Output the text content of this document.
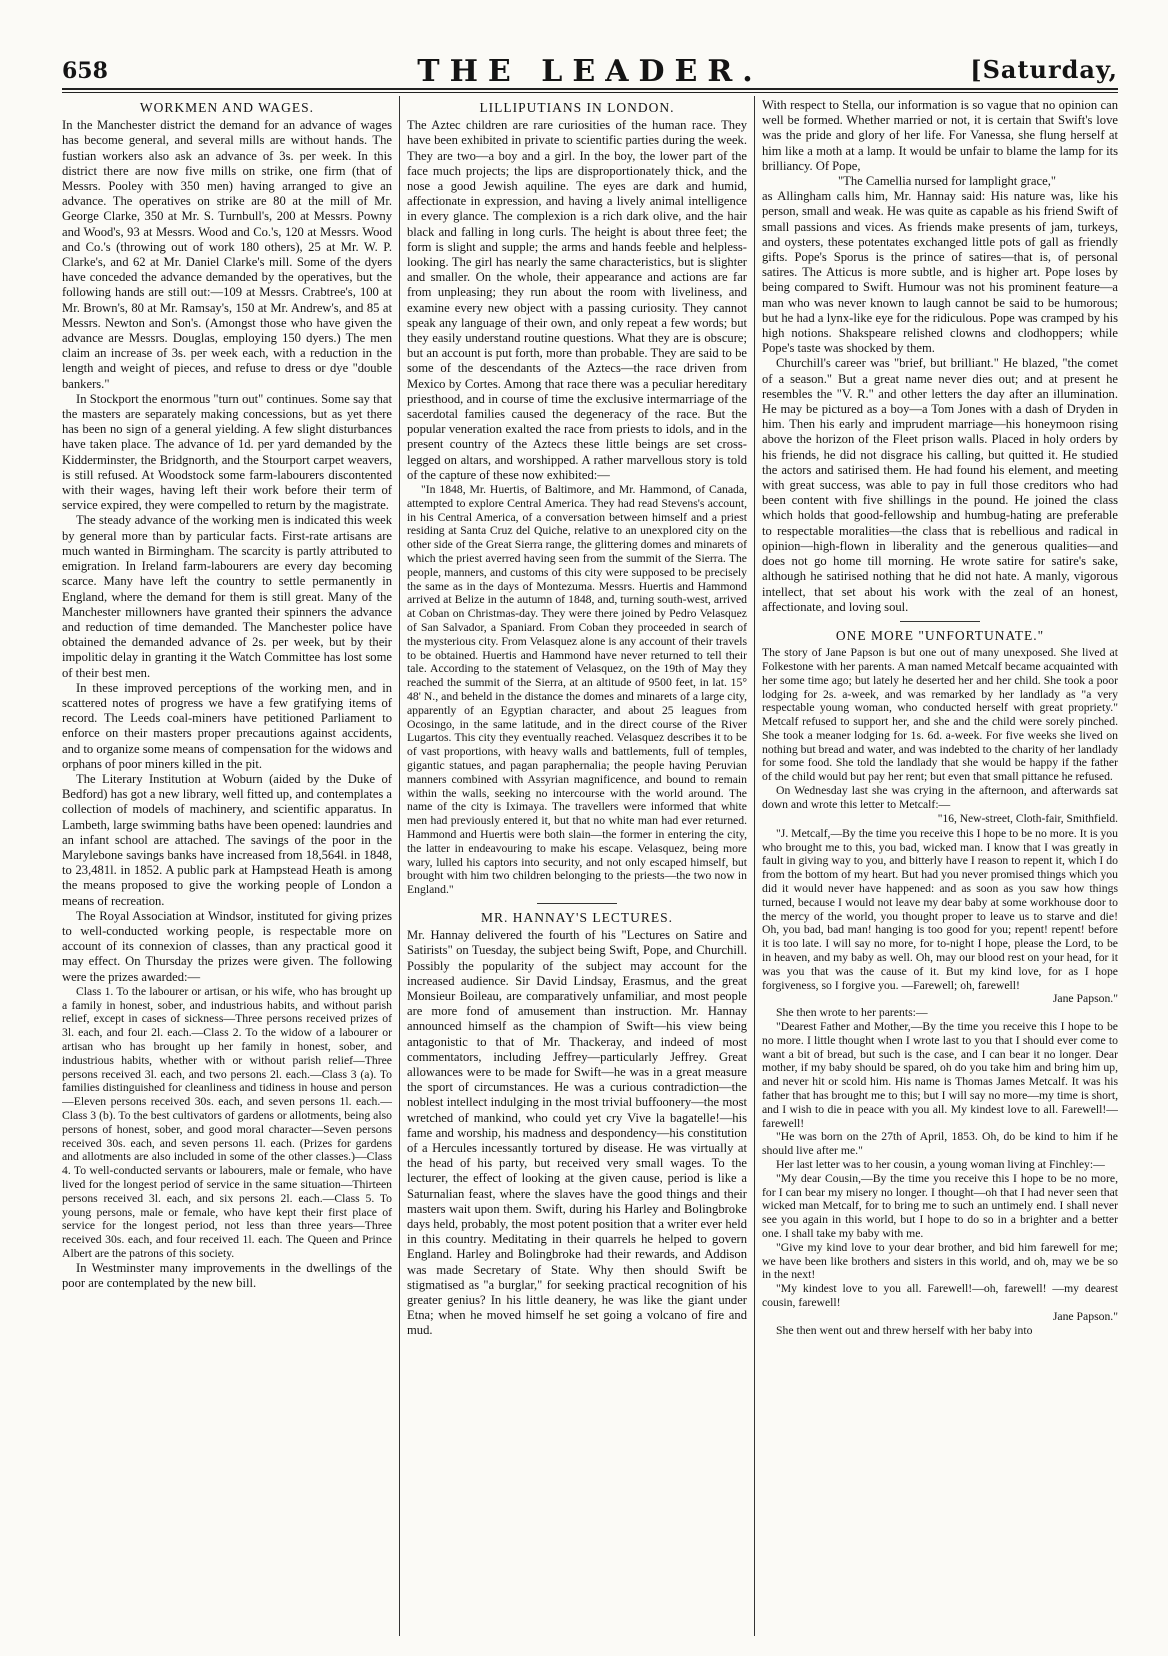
658	THE LEADER.	[Saturday,
WORKMEN AND WAGES.

In the Manchester district the demand for an advance of wages has become general, and several mills are without hands. The fustian workers also ask an advance of 3s. per week. In this district there are now five mills on strike, one firm (that of Messrs. Pooley with 350 men) having arranged to give an advance. The operatives on strike are 80 at the mill of Mr. George Clarke, 350 at Mr. S. Turnbull's, 200 at Messrs. Powny and Wood's, 93 at Messrs. Wood and Co.'s, 120 at Messrs. Wood and Co.'s (throwing out of work 180 others), 25 at Mr. W. P. Clarke's, and 62 at Mr. Daniel Clarke's mill. Some of the dyers have conceded the advance demanded by the operatives, but the following hands are still out:—109 at Messrs. Crabtree's, 100 at Mr. Brown's, 80 at Mr. Ramsay's, 150 at Mr. Andrew's, and 85 at Messrs. Newton and Son's. (Amongst those who have given the advance are Messrs. Douglas, employing 150 dyers.) The men claim an increase of 3s. per week each, with a reduction in the length and weight of pieces, and refuse to dress or dye "double bankers."

In Stockport the enormous "turn out" continues. Some say that the masters are separately making concessions, but as yet there has been no sign of a general yielding. A few slight disturbances have taken place. The advance of 1d. per yard demanded by the Kidderminster, the Bridgnorth, and the Stourport carpet weavers, is still refused. At Woodstock some farm-labourers discontented with their wages, having left their work before their term of service expired, they were compelled to return by the magistrate.

The steady advance of the working men is indicated this week by general more than by particular facts. First-rate artisans are much wanted in Birmingham. The scarcity is partly attributed to emigration. In Ireland farm-labourers are every day becoming scarce. Many have left the country to settle permanently in England, where the demand for them is still great. Many of the Manchester millowners have granted their spinners the advance and reduction of time demanded. The Manchester police have obtained the demanded advance of 2s. per week, but by their impolitic delay in granting it the Watch Committee has lost some of their best men.

In these improved perceptions of the working men, and in scattered notes of progress we have a few gratifying items of record. The Leeds coal-miners have petitioned Parliament to enforce on their masters proper precautions against accidents, and to organize some means of compensation for the widows and orphans of poor miners killed in the pit.

The Literary Institution at Woburn (aided by the Duke of Bedford) has got a new library, well fitted up, and contemplates a collection of models of machinery, and scientific apparatus. In Lambeth, large swimming baths have been opened: laundries and an infant school are attached. The savings of the poor in the Marylebone savings banks have increased from 18,564l. in 1848, to 23,481l. in 1852. A public park at Hampstead Heath is among the means proposed to give the working people of London a means of recreation.

The Royal Association at Windsor, instituted for giving prizes to well-conducted working people, is respectable more on account of its connexion of classes, than any practical good it may effect. On Thursday the prizes were given. The following were the prizes awarded:—

Class 1. To the labourer or artisan, or his wife, who has brought up a family in honest, sober, and industrious habits, and without parish relief, except in cases of sickness—Three persons received prizes of 3l. each, and four 2l. each.—Class 2. To the widow of a labourer or artisan who has brought up her family in honest, sober, and industrious habits, whether with or without parish relief—Three persons received 3l. each, and two persons 2l. each.—Class 3 (a). To families distinguished for cleanliness and tidiness in house and person—Eleven persons received 30s. each, and seven persons 1l. each.—Class 3 (b). To the best cultivators of gardens or allotments, being also persons of honest, sober, and good moral character—Seven persons received 30s. each, and seven persons 1l. each. (Prizes for gardens and allotments are also included in some of the other classes.)—Class 4. To well-conducted servants or labourers, male or female, who have lived for the longest period of service in the same situation—Thirteen persons received 3l. each, and six persons 2l. each.—Class 5. To young persons, male or female, who have kept their first place of service for the longest period, not less than three years—Three received 30s. each, and four received 1l. each. The Queen and Prince Albert are the patrons of this society.

In Westminster many improvements in the dwellings of the poor are contemplated by the new bill.

LILLIPUTIANS IN LONDON.

The Aztec children are rare curiosities of the human race. They have been exhibited in private to scientific parties during the week. They are two—a boy and a girl. In the boy, the lower part of the face much projects; the lips are disproportionately thick, and the nose a good Jewish aquiline. The eyes are dark and humid, affectionate in expression, and having a lively animal intelligence in every glance. The complexion is a rich dark olive, and the hair black and falling in long curls. The height is about three feet; the form is slight and supple; the arms and hands feeble and helpless-looking. The girl has nearly the same characteristics, but is slighter and smaller. On the whole, their appearance and actions are far from unpleasing; they run about the room with liveliness, and examine every new object with a passing curiosity. They cannot speak any language of their own, and only repeat a few words; but they easily understand routine questions. What they are is obscure; but an account is put forth, more than probable. They are said to be some of the descendants of the Aztecs—the race driven from Mexico by Cortes. Among that race there was a peculiar hereditary priesthood, and in course of time the exclusive intermarriage of the sacerdotal families caused the degeneracy of the race. But the popular veneration exalted the race from priests to idols, and in the present country of the Aztecs these little beings are set cross-legged on altars, and worshipped. A rather marvellous story is told of the capture of these now exhibited:—

"In 1848, Mr. Huertis, of Baltimore, and Mr. Hammond, of Canada, attempted to explore Central America. They had read Stevens's account, in his Central America, of a conversation between himself and a priest residing at Santa Cruz del Quiche, relative to an unexplored city on the other side of the Great Sierra range, the glittering domes and minarets of which the priest averred having seen from the summit of the Sierra. The people, manners, and customs of this city were supposed to be precisely the same as in the days of Montezuma. Messrs. Huertis and Hammond arrived at Belize in the autumn of 1848, and, turning south-west, arrived at Coban on Christmas-day. They were there joined by Pedro Velasquez of San Salvador, a Spaniard. From Coban they proceeded in search of the mysterious city. From Velasquez alone is any account of their travels to be obtained. Huertis and Hammond have never returned to tell their tale. According to the statement of Velasquez, on the 19th of May they reached the summit of the Sierra, at an altitude of 9500 feet, in lat. 15° 48' N., and beheld in the distance the domes and minarets of a large city, apparently of an Egyptian character, and about 25 leagues from Ocosingo, in the same latitude, and in the direct course of the River Lugartos. This city they eventually reached. Velasquez describes it to be of vast proportions, with heavy walls and battlements, full of temples, gigantic statues, and pagan paraphernalia; the people having Peruvian manners combined with Assyrian magnificence, and bound to remain within the walls, seeking no intercourse with the world around. The name of the city is Iximaya. The travellers were informed that white men had previously entered it, but that no white man had ever returned. Hammond and Huertis were both slain—the former in entering the city, the latter in endeavouring to make his escape. Velasquez, being more wary, lulled his captors into security, and not only escaped himself, but brought with him two children belonging to the priests—the two now in England."

MR. HANNAY'S LECTURES.

Mr. Hannay delivered the fourth of his "Lectures on Satire and Satirists" on Tuesday, the subject being Swift, Pope, and Churchill. Possibly the popularity of the subject may account for the increased audience. Sir David Lindsay, Erasmus, and the great Monsieur Boileau, are comparatively unfamiliar, and most people are more fond of amusement than instruction. Mr. Hannay announced himself as the champion of Swift—his view being antagonistic to that of Mr. Thackeray, and indeed of most commentators, including Jeffrey—particularly Jeffrey. Great allowances were to be made for Swift—he was in a great measure the sport of circumstances. He was a curious contradiction—the noblest intellect indulging in the most trivial buffoonery—the most wretched of mankind, who could yet cry Vive la bagatelle!—his fame and worship, his madness and despondency—his constitution of a Hercules incessantly tortured by disease. He was virtually at the head of his party, but received very small wages. To the lecturer, the effect of looking at the given cause, period is like a Saturnalian feast, where the slaves have the good things and their masters wait upon them. Swift, during his Harley and Bolingbroke days held, probably, the most potent position that a writer ever held in this country. Meditating in their quarrels he helped to govern England. Harley and Bolingbroke had their rewards, and Addison was made Secretary of State. Why then should Swift be stigmatised as "a burglar," for seeking practical recognition of his greater genius? In his little deanery, he was like the giant under Etna; when he moved himself he set going a volcano of fire and mud.

With respect to Stella, our information is so vague that no opinion can well be formed. Whether married or not, it is certain that Swift's love was the pride and glory of her life. For Vanessa, she flung herself at him like a moth at a lamp. It would be unfair to blame the lamp for its brilliancy. Of Pope,

"The Camellia nursed for lamplight grace,"

as Allingham calls him, Mr. Hannay said: His nature was, like his person, small and weak. He was quite as capable as his friend Swift of small passions and vices. As friends make presents of jam, turkeys, and oysters, these potentates exchanged little pots of gall as friendly gifts. Pope's Sporus is the prince of satires—that is, of personal satires. The Atticus is more subtle, and is higher art. Pope loses by being compared to Swift. Humour was not his prominent feature—a man who was never known to laugh cannot be said to be humorous; but he had a lynx-like eye for the ridiculous. Pope was cramped by his high notions. Shakspeare relished clowns and clodhoppers; while Pope's taste was shocked by them.

Churchill's career was "brief, but brilliant." He blazed, "the comet of a season." But a great name never dies out; and at present he resembles the "V. R." and other letters the day after an illumination. He may be pictured as a boy—a Tom Jones with a dash of Dryden in him. Then his early and imprudent marriage—his honeymoon rising above the horizon of the Fleet prison walls. Placed in holy orders by his friends, he did not disgrace his calling, but quitted it. He studied the actors and satirised them. He had found his element, and meeting with great success, was able to pay in full those creditors who had been content with five shillings in the pound. He joined the class which holds that good-fellowship and humbug-hating are preferable to respectable moralities—the class that is rebellious and radical in opinion—high-flown in liberality and the generous qualities—and does not go home till morning. He wrote satire for satire's sake, although he satirised nothing that he did not hate. A manly, vigorous intellect, that set about his work with the zeal of an honest, affectionate, and loving soul.

ONE MORE "UNFORTUNATE."

The story of Jane Papson is but one out of many unexposed. She lived at Folkestone with her parents. A man named Metcalf became acquainted with her some time ago; but lately he deserted her and her child. She took a poor lodging for 2s. a-week, and was remarked by her landlady as "a very respectable young woman, who conducted herself with great propriety." Metcalf refused to support her, and she and the child were sorely pinched. She took a meaner lodging for 1s. 6d. a-week. For five weeks she lived on nothing but bread and water, and was indebted to the charity of her landlady for some food. She told the landlady that she would be happy if the father of the child would but pay her rent; but even that small pittance he refused.

On Wednesday last she was crying in the afternoon, and afterwards sat down and wrote this letter to Metcalf:—

"16, New-street, Cloth-fair, Smithfield.

"J. Metcalf,—By the time you receive this I hope to be no more. It is you who brought me to this, you bad, wicked man. I know that I was greatly in fault in giving way to you, and bitterly have I reason to repent it, which I do from the bottom of my heart. But had you never promised things which you did it would never have happened: and as soon as you saw how things turned, because I would not leave my dear baby at some workhouse door to the mercy of the world, you thought proper to leave us to starve and die! Oh, you bad, bad man! hanging is too good for you; repent! repent! before it is too late. I will say no more, for to-night I hope, please the Lord, to be in heaven, and my baby as well. Oh, may our blood rest on your head, for it was you that was the cause of it. But my kind love, for as I hope forgiveness, so I forgive you. —Farewell; oh, farewell!

Jane Papson."

She then wrote to her parents:—

"Dearest Father and Mother,—By the time you receive this I hope to be no more. I little thought when I wrote last to you that I should ever come to want a bit of bread, but such is the case, and I can bear it no longer. Dear mother, if my baby should be spared, oh do you take him and bring him up, and never hit or scold him. His name is Thomas James Metcalf. It was his father that has brought me to this; but I will say no more—my time is short, and I wish to die in peace with you all. My kindest love to all. Farewell!—farewell!

"He was born on the 27th of April, 1853. Oh, do be kind to him if he should live after me."

Her last letter was to her cousin, a young woman living at Finchley:—

"My dear Cousin,—By the time you receive this I hope to be no more, for I can bear my misery no longer. I thought—oh that I had never seen that wicked man Metcalf, for to bring me to such an untimely end. I shall never see you again in this world, but I hope to do so in a brighter and a better one. I shall take my baby with me.

"Give my kind love to your dear brother, and bid him farewell for me; we have been like brothers and sisters in this world, and oh, may we be so in the next!

"My kindest love to you all. Farewell!—oh, farewell! —my dearest cousin, farewell!

Jane Papson."

She then went out and threw herself with her baby into
